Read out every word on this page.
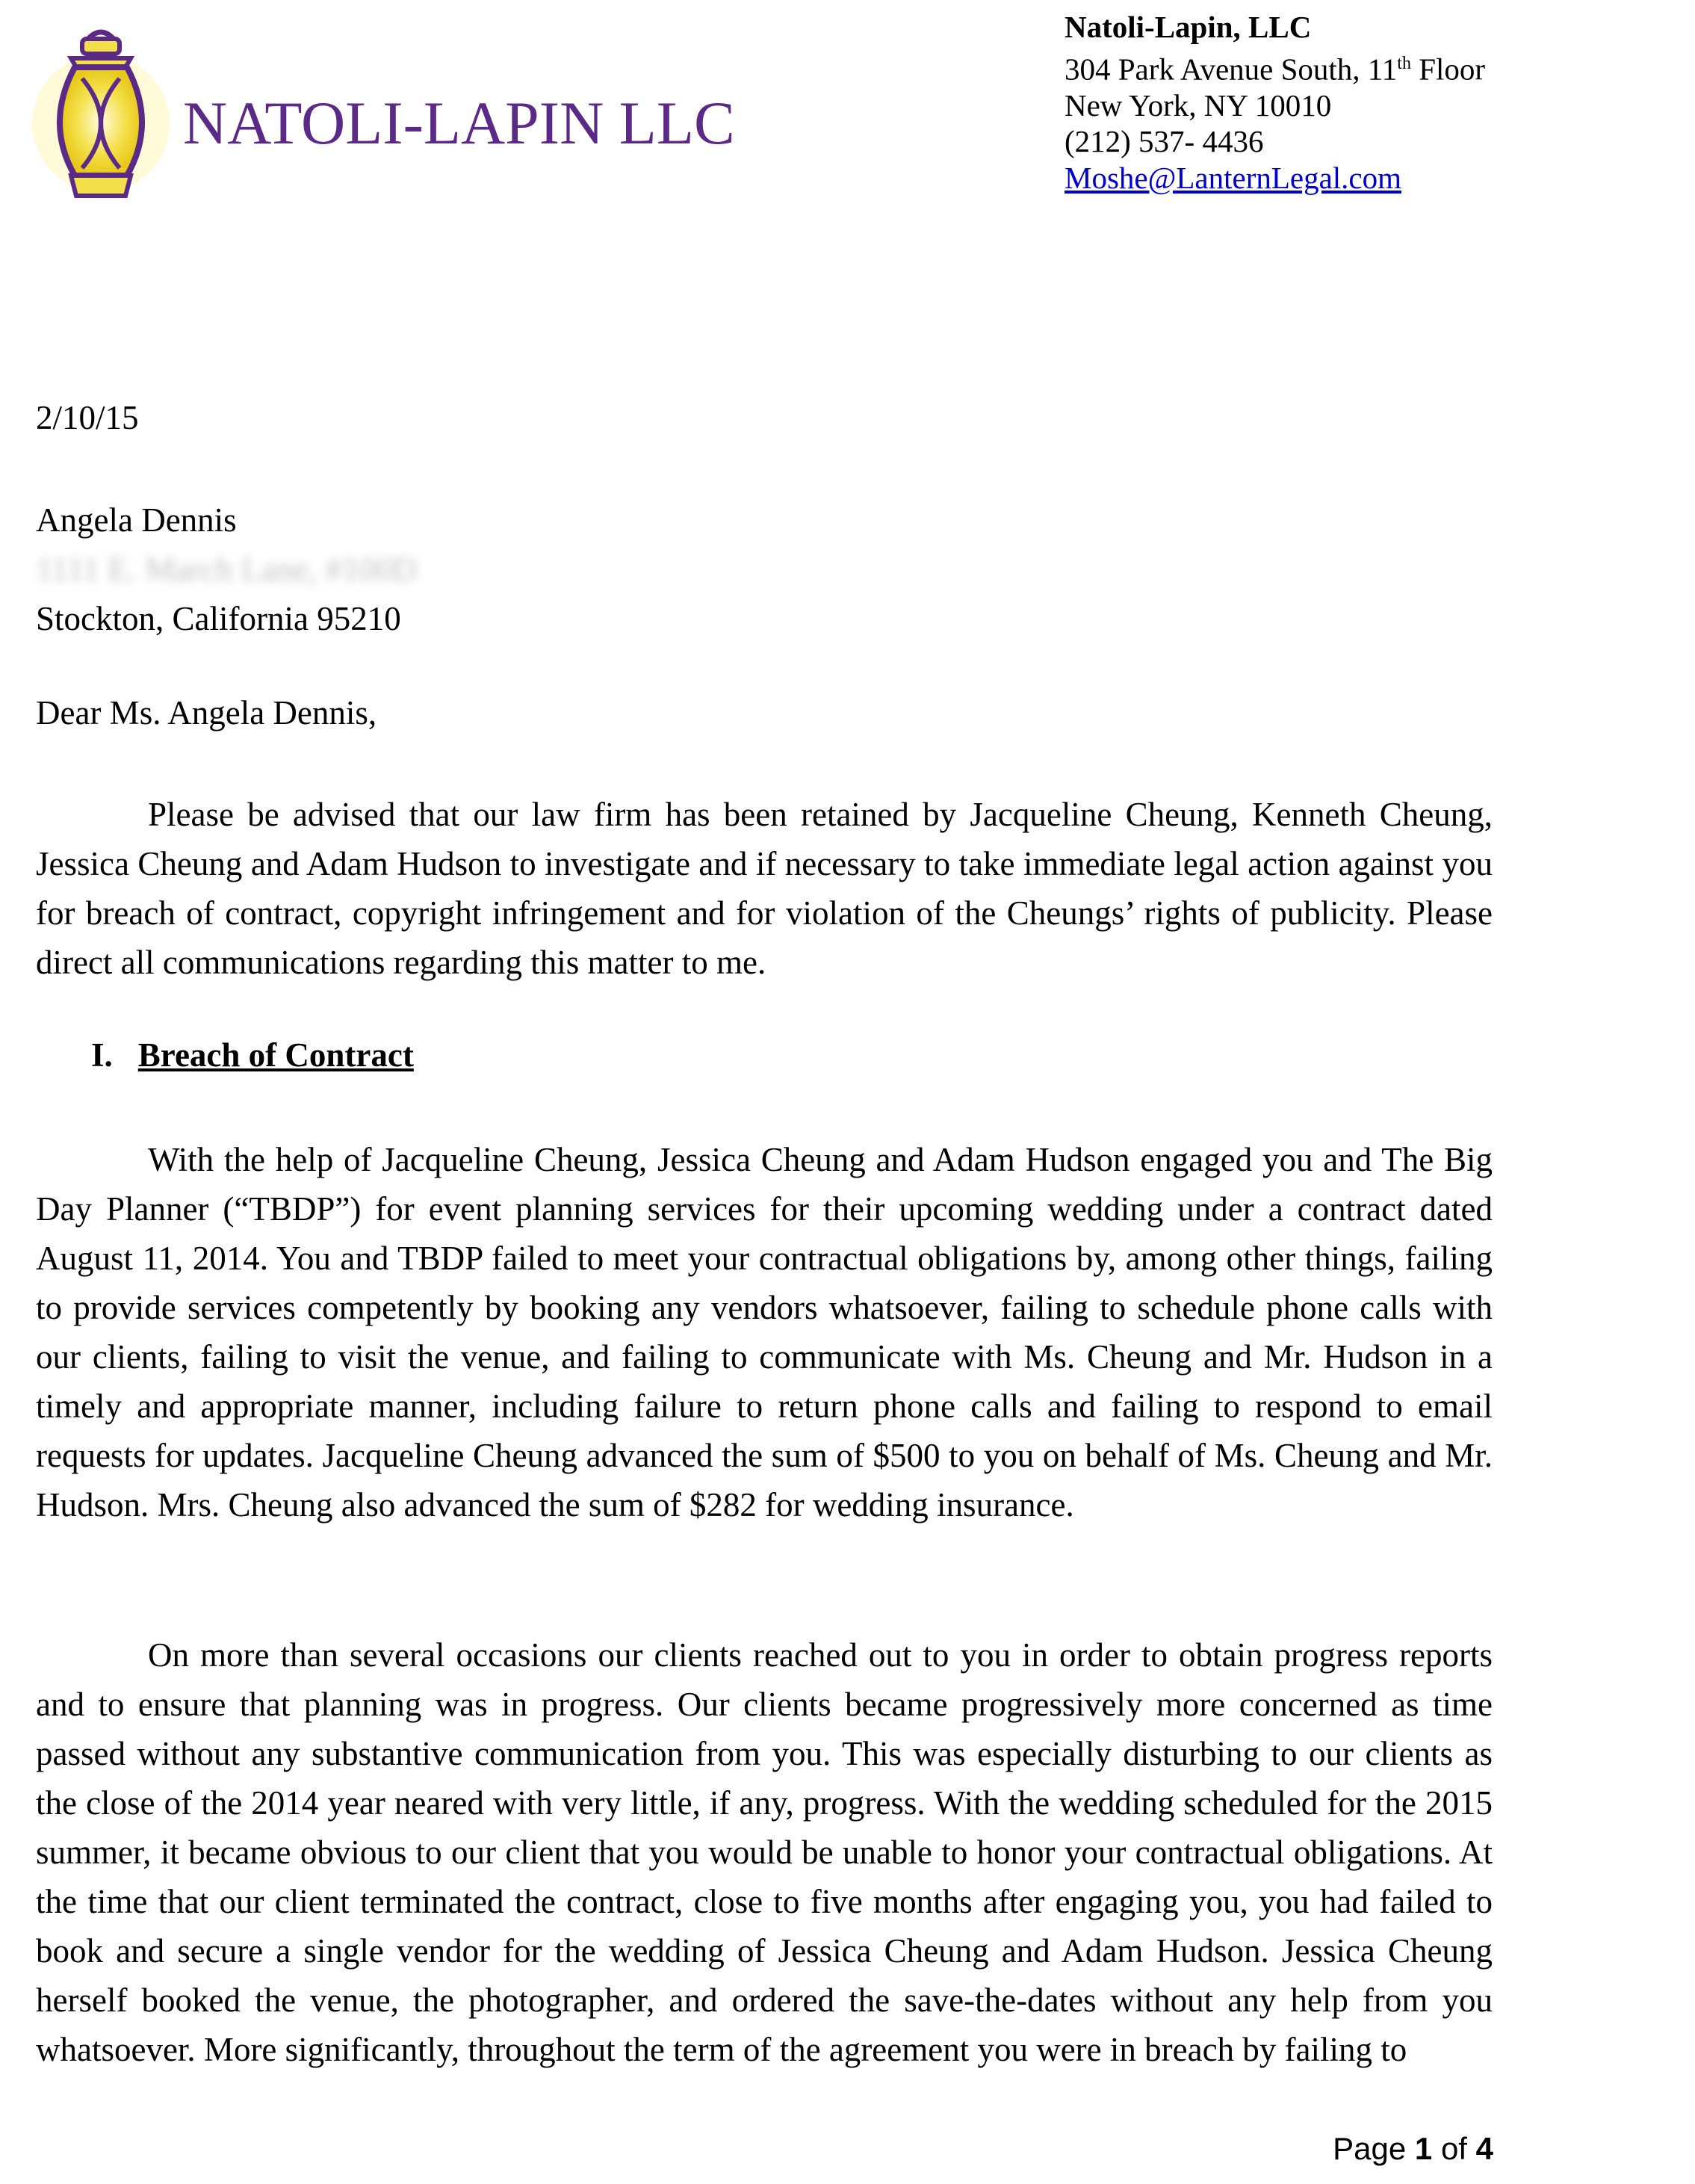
NATOLI-LAPIN LLC
Natoli-Lapin, LLC
304 Park Avenue South, 11th Floor
New York, NY 10010
(212) 537- 4436
Moshe@LanternLegal.com
2/10/15
Angela Dennis
1111 E. March Lane, #100D
Stockton, California 95210
Dear Ms. Angela Dennis,

Please be advised that our law firm has been retained by Jacqueline Cheung, Kenneth Cheung, Jessica Cheung and Adam Hudson to investigate and if necessary to take immediate legal action against you for breach of contract, copyright infringement and for violation of the Cheungs’ rights of publicity. Please direct all communications regarding this matter to me.

I. Breach of Contract

With the help of Jacqueline Cheung, Jessica Cheung and Adam Hudson engaged you and The Big Day Planner (“TBDP”) for event planning services for their upcoming wedding under a contract dated August 11, 2014. You and TBDP failed to meet your contractual obligations by, among other things, failing to provide services competently by booking any vendors whatsoever, failing to schedule phone calls with our clients, failing to visit the venue, and failing to communicate with Ms. Cheung and Mr. Hudson in a timely and appropriate manner, including failure to return phone calls and failing to respond to email requests for updates. Jacqueline Cheung advanced the sum of $500 to you on behalf of Ms. Cheung and Mr. Hudson. Mrs. Cheung also advanced the sum of $282 for wedding insurance.

On more than several occasions our clients reached out to you in order to obtain progress reports and to ensure that planning was in progress. Our clients became progressively more concerned as time passed without any substantive communication from you. This was especially disturbing to our clients as the close of the 2014 year neared with very little, if any, progress. With the wedding scheduled for the 2015 summer, it became obvious to our client that you would be unable to honor your contractual obligations. At the time that our client terminated the contract, close to five months after engaging you, you had failed to book and secure a single vendor for the wedding of Jessica Cheung and Adam Hudson. Jessica Cheung herself booked the venue, the photographer, and ordered the save-the-dates without any help from you whatsoever. More significantly, throughout the term of the agreement you were in breach by failing to

Page 1 of 4
